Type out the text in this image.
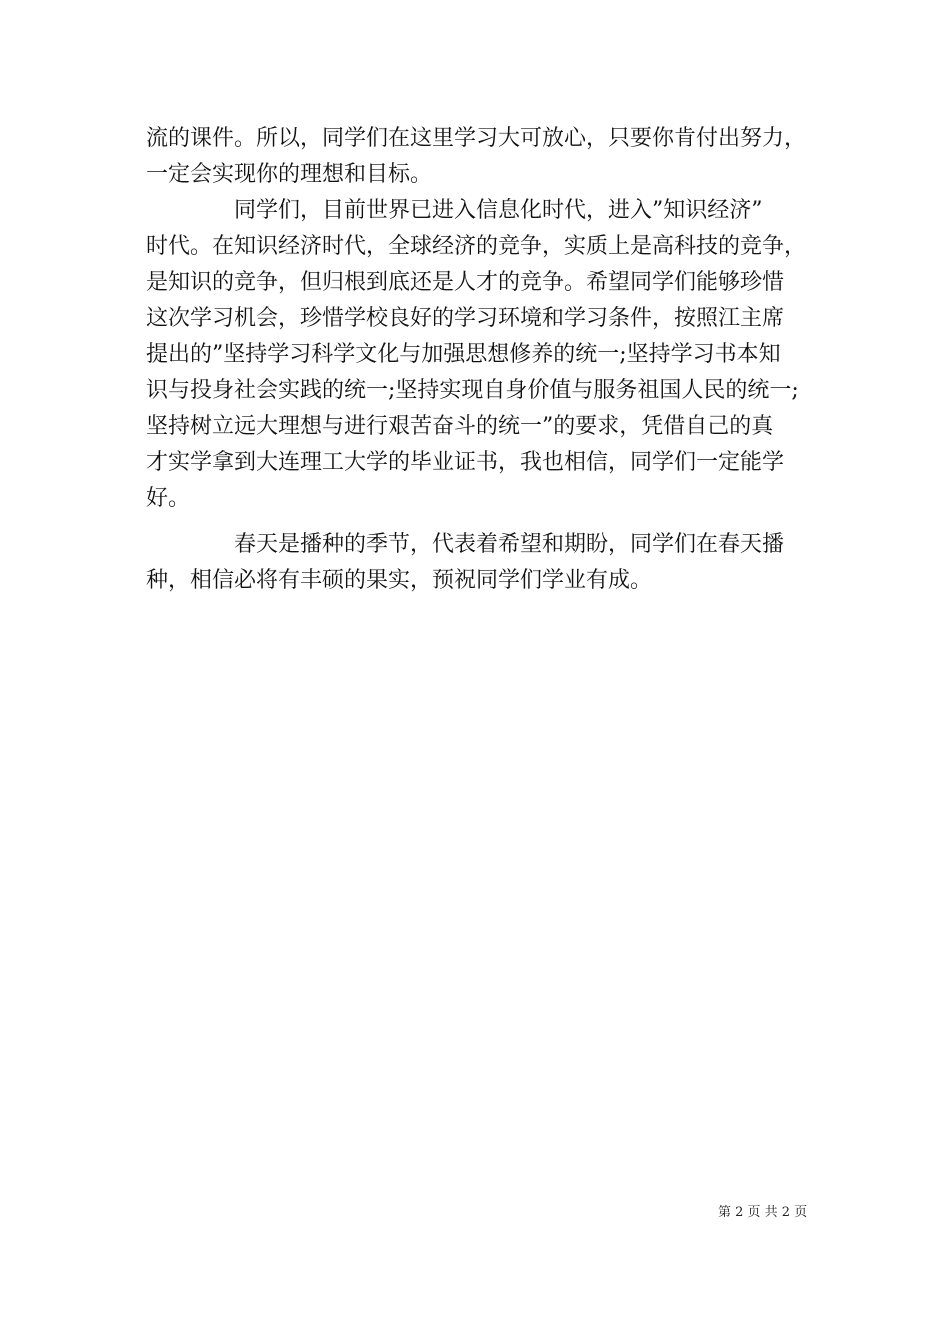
流的课件。所以，同学们在这里学习大可放心，只要你肯付出努力，
一定会实现你的理想和目标。
　　　　同学们，目前世界已进入信息化时代，进入”知识经济”
时代。在知识经济时代，全球经济的竞争，实质上是高科技的竞争，
是知识的竞争，但归根到底还是人才的竞争。希望同学们能够珍惜
这次学习机会，珍惜学校良好的学习环境和学习条件，按照江主席
提出的”坚持学习科学文化与加强思想修养的统一;坚持学习书本知
识与投身社会实践的统一;坚持实现自身价值与服务祖国人民的统一;
坚持树立远大理想与进行艰苦奋斗的统一”的要求，凭借自己的真
才实学拿到大连理工大学的毕业证书，我也相信，同学们一定能学
好。
　　　　春天是播种的季节，代表着希望和期盼，同学们在春天播
种，相信必将有丰硕的果实，预祝同学们学业有成。
第 2 页 共 2 页
